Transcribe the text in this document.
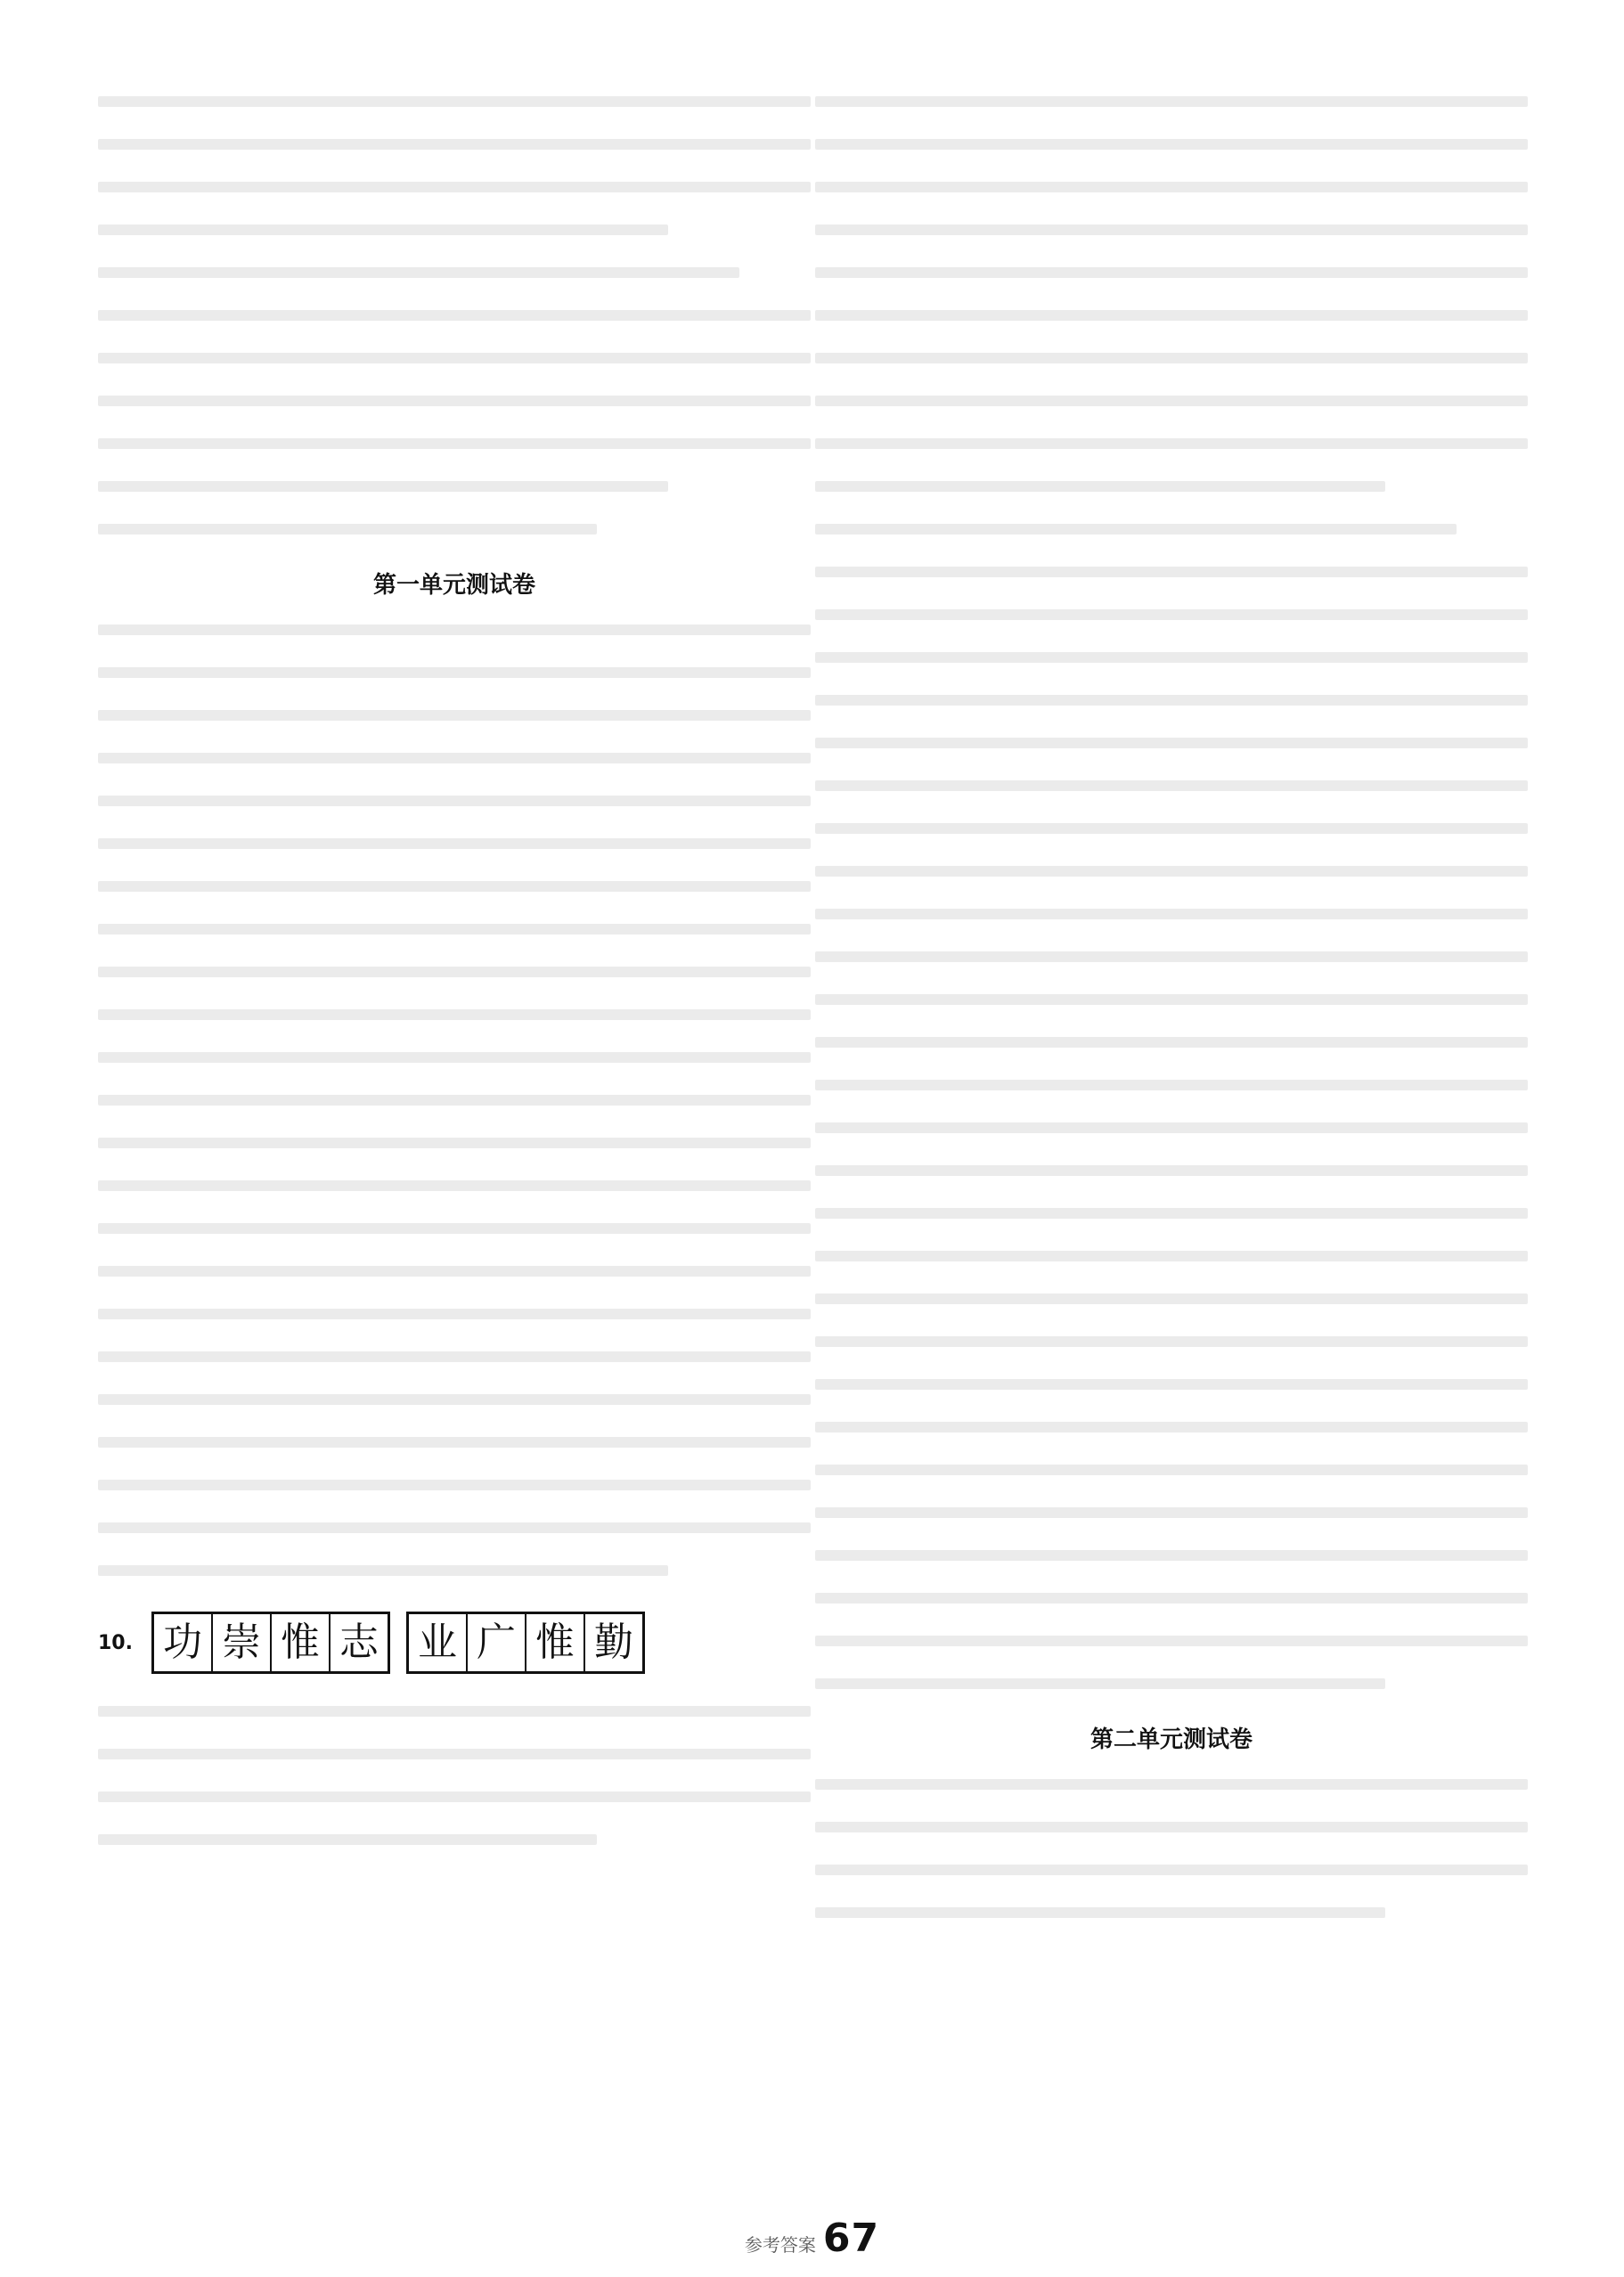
第一单元测试卷
10. 功 崇 惟 志 业 广 惟 勤
第二单元测试卷
参考答案 67
